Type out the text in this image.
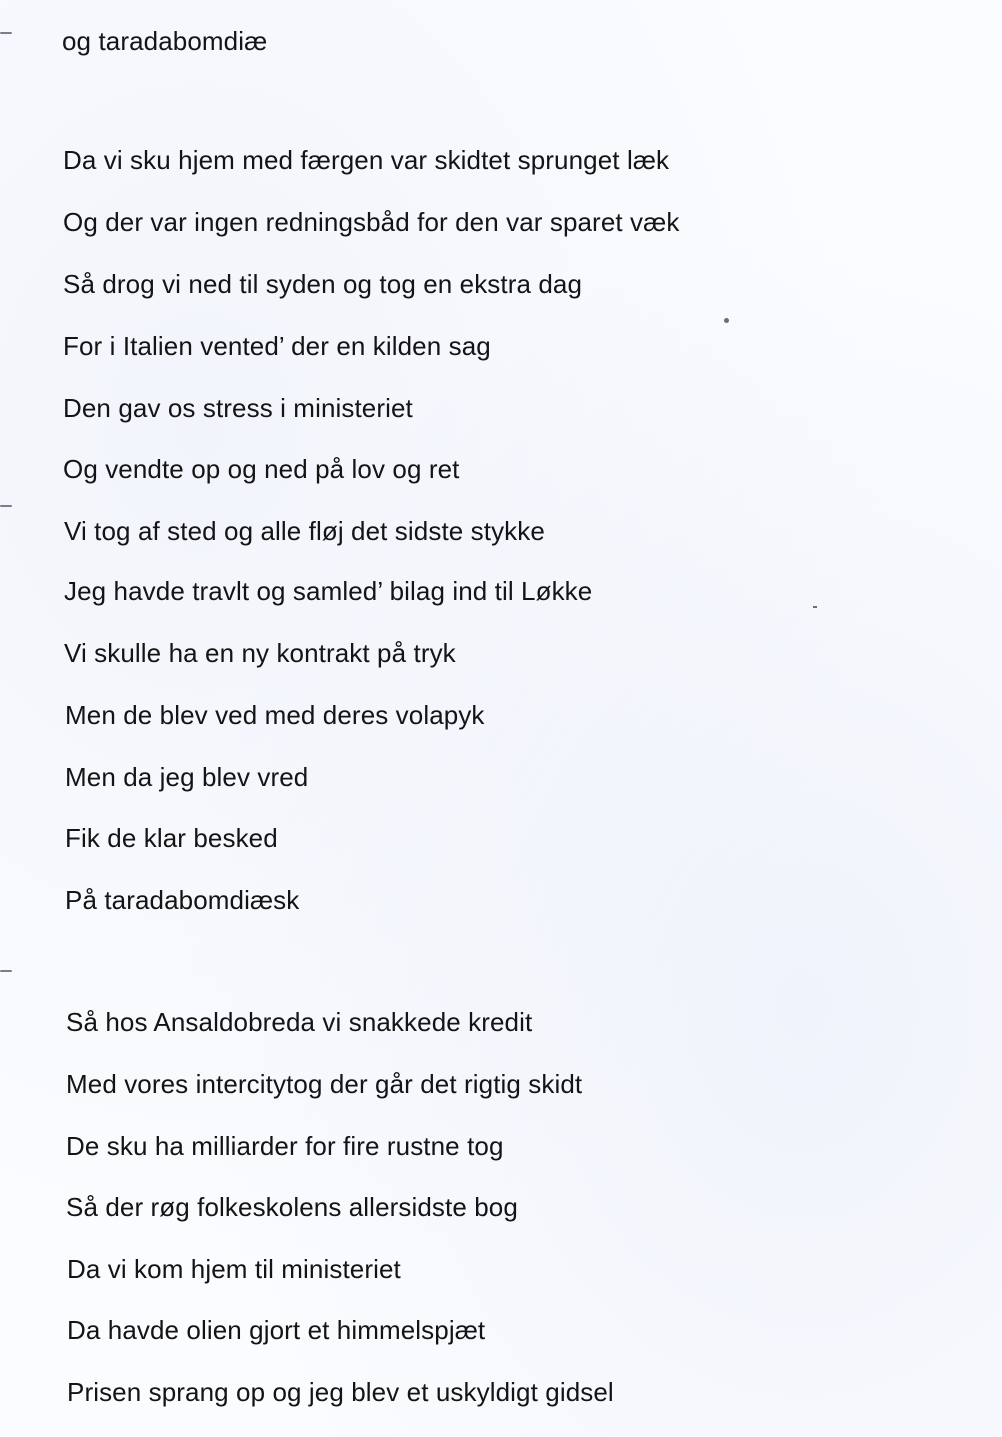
og taradabomdiæ

Da vi sku hjem med færgen var skidtet sprunget læk

Og der var ingen redningsbåd for den var sparet væk

Så drog vi ned til syden og tog en ekstra dag

For i Italien vented’ der en kilden sag

Den gav os stress i ministeriet

Og vendte op og ned på lov og ret

Vi tog af sted og alle fløj det sidste stykke

Jeg havde travlt og samled’ bilag ind til Løkke

Vi skulle ha en ny kontrakt på tryk

Men de blev ved med deres volapyk

Men da jeg blev vred

Fik de klar besked

På taradabomdiæsk

Så hos Ansaldobreda vi snakkede kredit

Med vores intercitytog der går det rigtig skidt

De sku ha milliarder for fire rustne tog

Så der røg folkeskolens allersidste bog

Da vi kom hjem til ministeriet

Da havde olien gjort et himmelspjæt

Prisen sprang op og jeg blev et uskyldigt gidsel
